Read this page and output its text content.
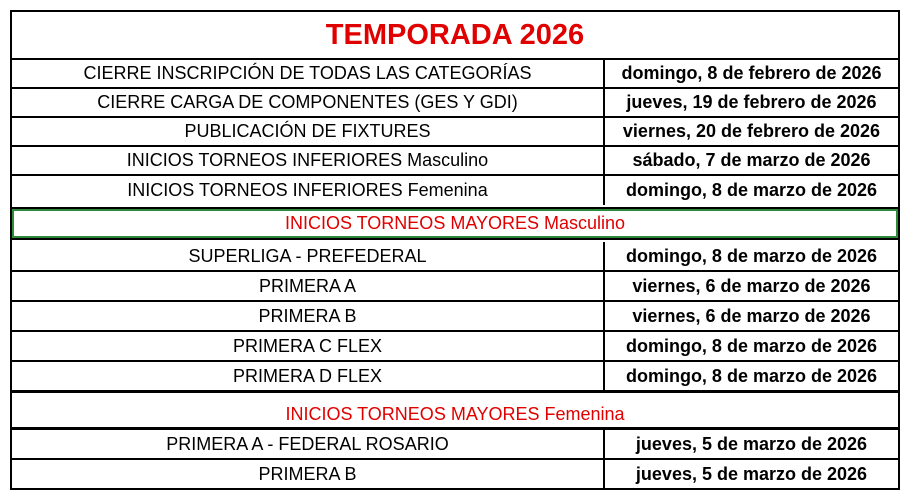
TEMPORADA 2026
CIERRE INSCRIPCIÓN DE TODAS LAS CATEGORÍAS	domingo, 8 de febrero de 2026
CIERRE CARGA DE COMPONENTES (GES Y GDI)	jueves, 19 de febrero de 2026
PUBLICACIÓN DE FIXTURES	viernes, 20 de febrero de 2026
INICIOS TORNEOS INFERIORES Masculino	sábado, 7 de marzo de 2026
INICIOS TORNEOS INFERIORES Femenina	domingo, 8 de marzo de 2026
INICIOS TORNEOS MAYORES Masculino
SUPERLIGA - PREFEDERAL	domingo, 8 de marzo de 2026
PRIMERA A	viernes, 6 de marzo de 2026
PRIMERA B	viernes, 6 de marzo de 2026
PRIMERA C FLEX	domingo, 8 de marzo de 2026
PRIMERA D FLEX	domingo, 8 de marzo de 2026
INICIOS TORNEOS MAYORES Femenina
PRIMERA A - FEDERAL ROSARIO	jueves, 5 de marzo de 2026
PRIMERA B	jueves, 5 de marzo de 2026
